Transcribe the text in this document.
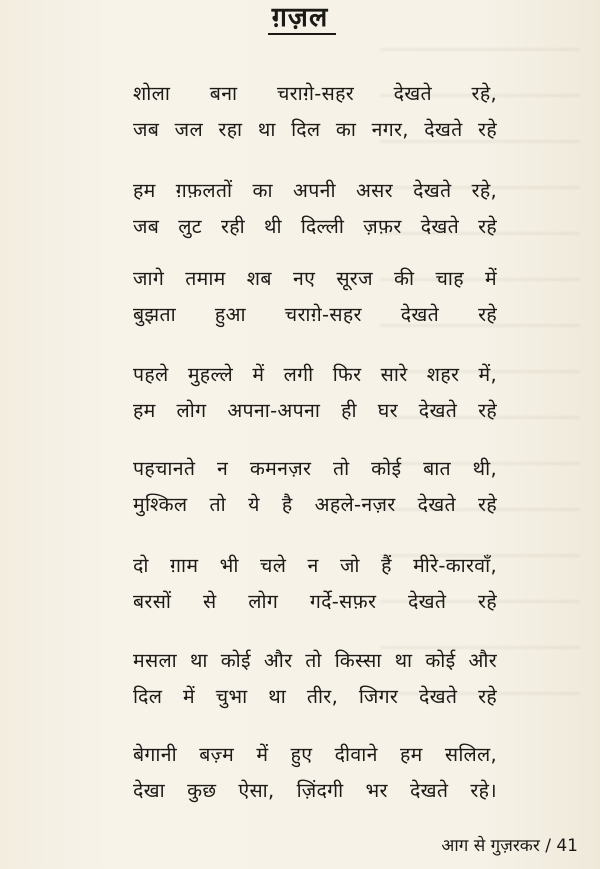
ग़ज़ल
शोला बना चराग़े-सहर देखते रहे,
जब जल रहा था दिल का नगर, देखते रहे
हम ग़फ़लतों का अपनी असर देखते रहे,
जब लुट रही थी दिल्ली ज़फ़र देखते रहे
जागे तमाम शब नए सूरज की चाह में
बुझता हुआ चराग़े-सहर देखते रहे
पहले मुहल्ले में लगी फिर सारे शहर में,
हम लोग अपना-अपना ही घर देखते रहे
पहचानते न कमनज़र तो कोई बात थी,
मुश्किल तो ये है अहले-नज़र देखते रहे
दो ग़ाम भी चले न जो हैं मीरे-कारवाँ,
बरसों से लोग गर्दे-सफ़र देखते रहे
मसला था कोई और तो किस्सा था कोई और
दिल में चुभा था तीर, जिगर देखते रहे
बेगानी बज़्म में हुए दीवाने हम सलिल,
देखा कुछ ऐसा, ज़िंदगी भर देखते रहे।
आग से गुज़रकर / 41
